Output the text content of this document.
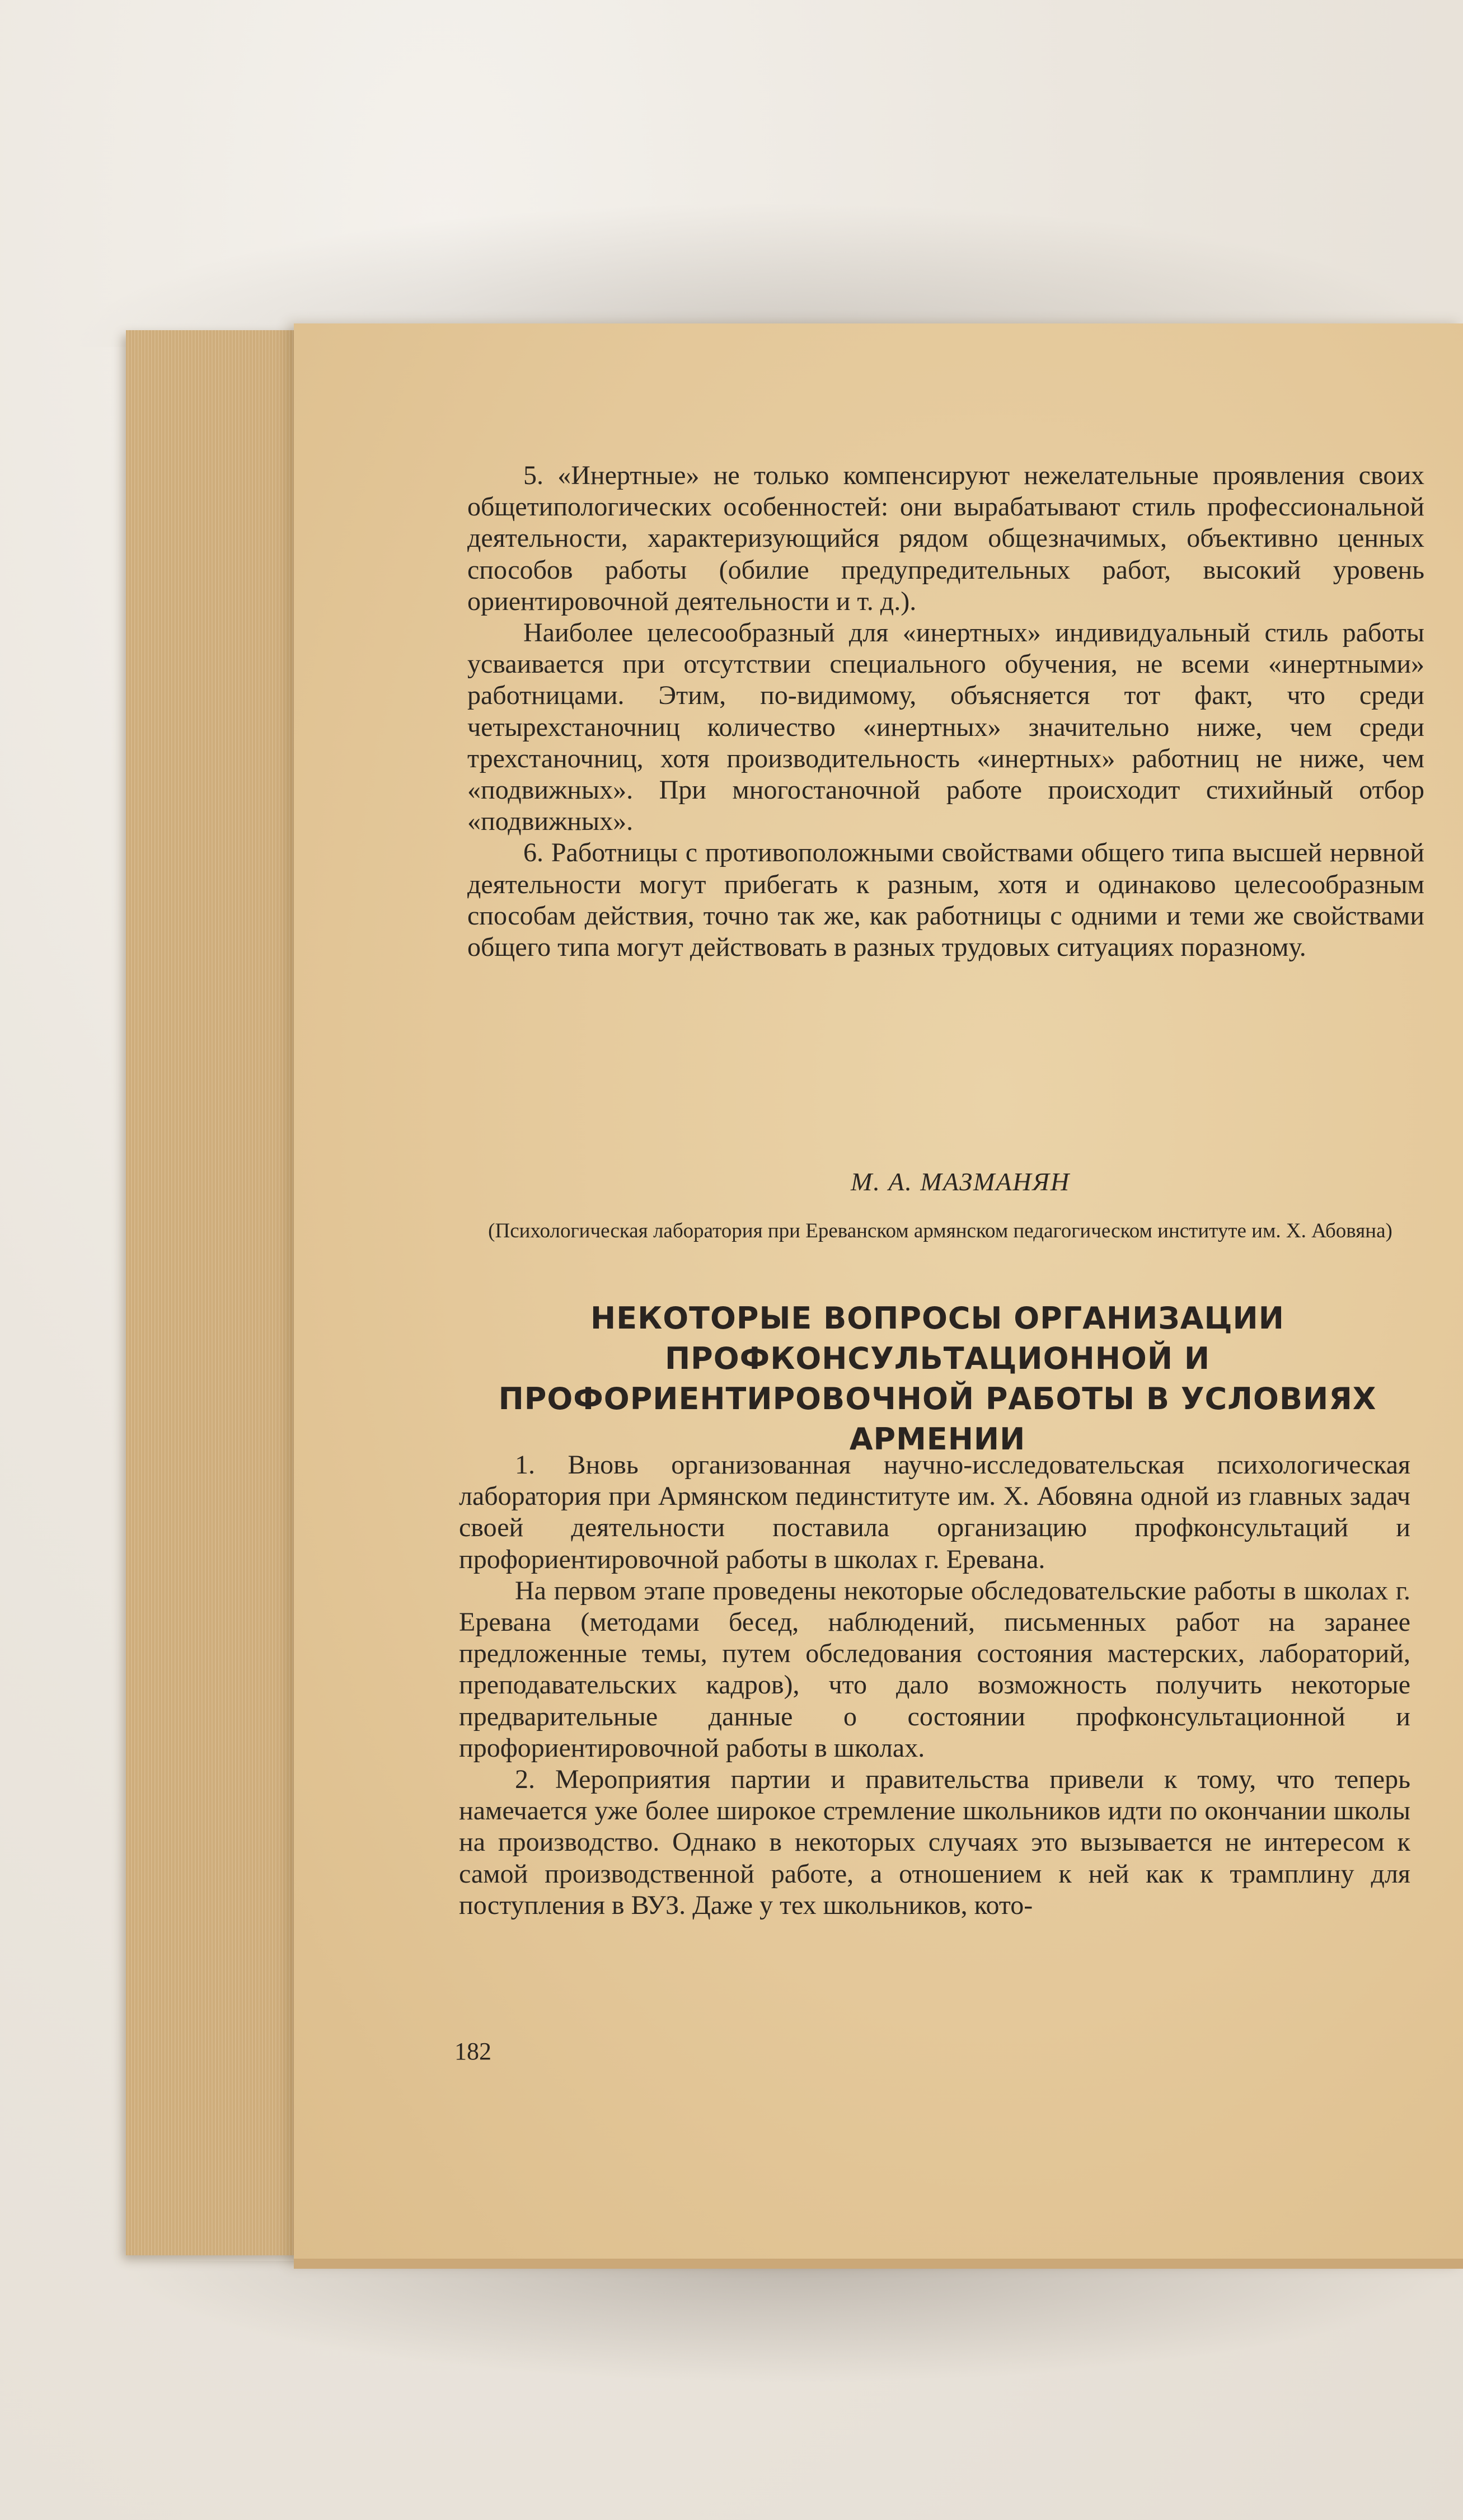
5. «Инертные» не только компенсируют нежелательные проявления своих общетипологических особенностей: они вырабатывают стиль профессиональной деятельности, характеризующийся рядом общезначимых, объективно ценных способов работы (обилие предупредительных работ, высокий уровень ориентировочной деятельности и т. д.).

Наиболее целесообразный для «инертных» индивидуальный стиль работы усваивается при отсутствии специального обучения, не всеми «инертными» работницами. Этим, по-видимому, объясняется тот факт, что среди четырехстаночниц количество «инертных» значительно ниже, чем среди трехстаночниц, хотя производительность «инертных» работниц не ниже, чем «подвижных». При многостаночной работе происходит стихийный отбор «подвижных».

6. Работницы с противоположными свойствами общего типа высшей нервной деятельности могут прибегать к разным, хотя и одинаково целесообразным способам действия, точно так же, как работницы с одними и теми же свойствами общего типа могут действовать в разных трудовых ситуациях поразному.

М. А. МАЗМАНЯН
(Психологическая лаборатория при Ереванском армянском педагогическом институте им. Х. Абовяна)
НЕКОТОРЫЕ ВОПРОСЫ ОРГАНИЗАЦИИ ПРОФКОНСУЛЬТАЦИОННОЙ И ПРОФОРИЕНТИРОВОЧНОЙ РАБОТЫ В УСЛОВИЯХ АРМЕНИИ

1. Вновь организованная научно-исследовательская психологическая лаборатория при Армянском пединституте им. Х. Абовяна одной из главных задач своей деятельности поставила организацию профконсультаций и профориентировочной работы в школах г. Еревана.

На первом этапе проведены некоторые обследовательские работы в школах г. Еревана (методами бесед, наблюдений, письменных работ на заранее предложенные темы, путем обследования состояния мастерских, лабораторий, преподавательских кадров), что дало возможность получить некоторые предварительные данные о состоянии профконсультационной и профориентировочной работы в школах.

2. Мероприятия партии и правительства привели к тому, что теперь намечается уже более широкое стремление школьников идти по окончании школы на производство. Однако в некоторых случаях это вызывается не интересом к самой производственной работе, а отношением к ней как к трамплину для поступления в ВУЗ. Даже у тех школьников, кото-

182
